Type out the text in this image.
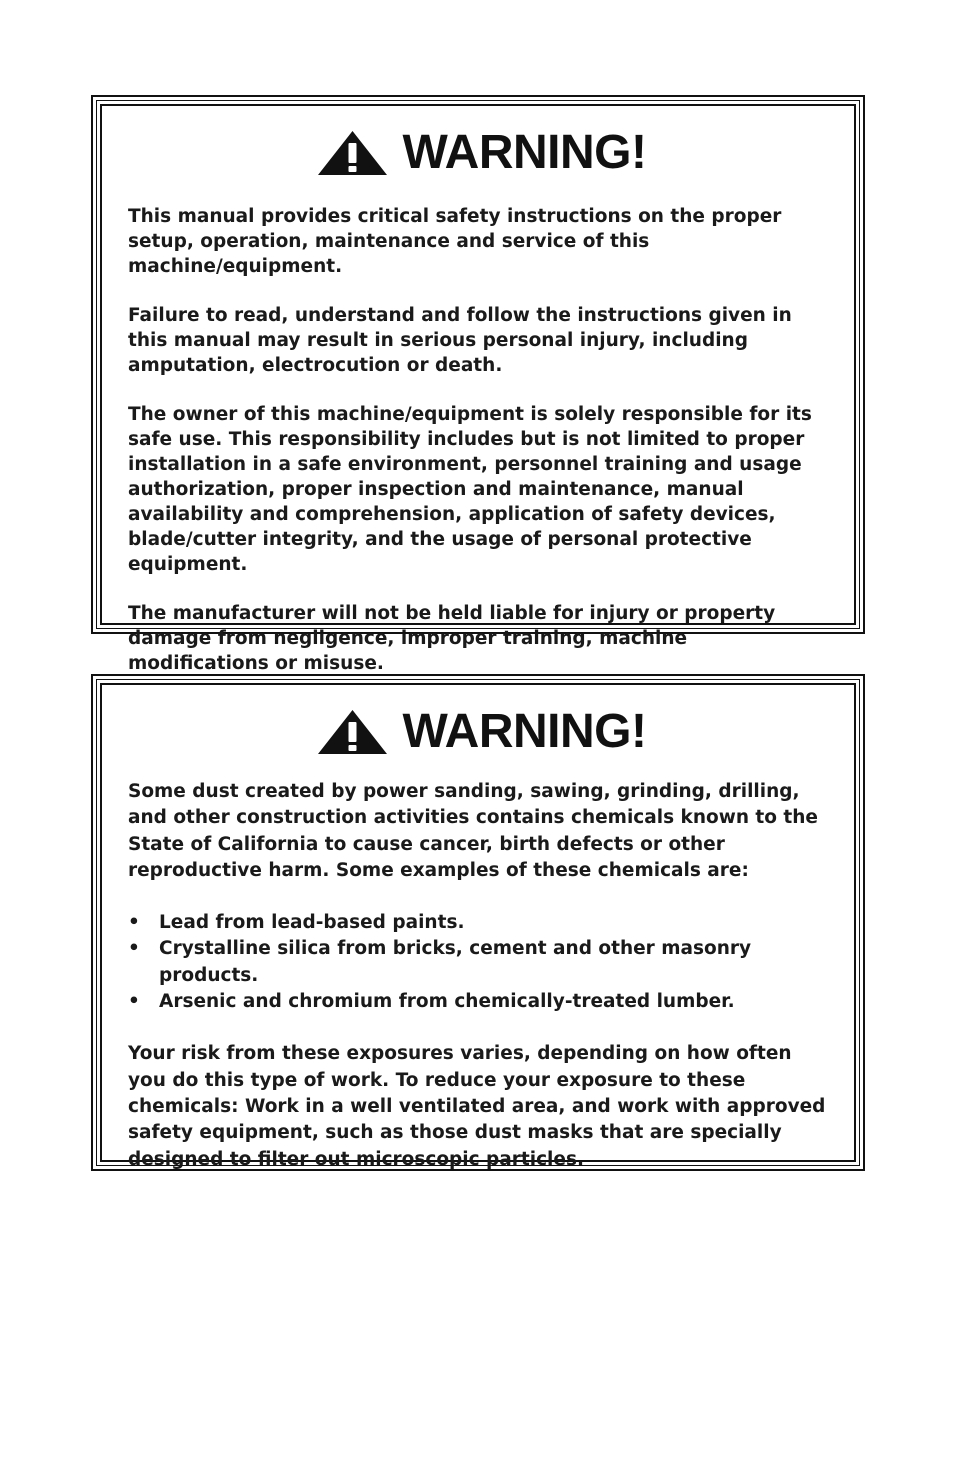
WARNING!

This manual provides critical safety instructions on the proper setup, operation, maintenance and service of this machine/equipment.

Failure to read, understand and follow the instructions given in this manual may result in serious personal injury, including amputation, electrocution or death.

The owner of this machine/equipment is solely responsible for its safe use. This responsibility includes but is not limited to proper installation in a safe environment, personnel training and usage authorization, proper inspection and maintenance, manual availability and comprehension, application of safety devices, blade/cutter integrity, and the usage of personal protective equipment.

The manufacturer will not be held liable for injury or property damage from negligence, improper training, machine modifications or misuse.

WARNING!

Some dust created by power sanding, sawing, grinding, drilling, and other construction activities contains chemicals known to the State of California to cause cancer, birth defects or other reproductive harm. Some examples of these chemicals are:

•	Lead from lead-based paints.
•	Crystalline silica from bricks, cement and other masonry products.
•	Arsenic and chromium from chemically-treated lumber.

Your risk from these exposures varies, depending on how often you do this type of work. To reduce your exposure to these chemicals: Work in a well ventilated area, and work with approved safety equipment, such as those dust masks that are specially designed to filter out microscopic particles.
